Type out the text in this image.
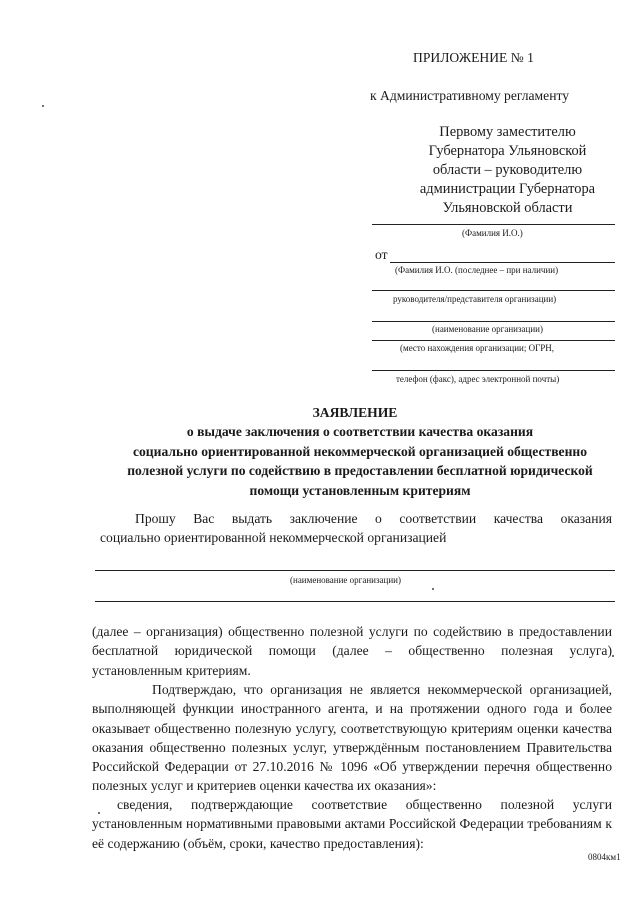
ПРИЛОЖЕНИЕ № 1
к Административному регламенту
Первому заместителю
Губернатора Ульяновской
области – руководителю
администрации Губернатора
Ульяновской области
(Фамилия И.О.)
от
(Фамилия И.О. (последнее – при наличии)
руководителя/представителя организации)
(наименование организации)
(место нахождения организации; ОГРН,
телефон (факс), адрес электронной почты)
ЗАЯВЛЕНИЕ
о выдаче заключения о соответствии качества оказания
социально ориентированной некоммерческой организацией общественно
полезной услуги по содействию в предоставлении бесплатной юридической
помощи установленным критериям
Прошу Вас выдать заключение о соответствии качества оказания
социально ориентированной некоммерческой организацией
(наименование организации)
(далее – организация) общественно полезной услуги по содействию в предоставлении бесплатной юридической помощи (далее – общественно полезная услуга) установленным критериям.
Подтверждаю, что организация не является некоммерческой организацией, выполняющей функции иностранного агента, и на протяжении одного года и более оказывает общественно полезную услугу, соответствующую критериям оценки качества оказания общественно полезных услуг, утверждённым постановлением Правительства Российской Федерации от 27.10.2016 № 1096 «Об утверждении перечня общественно полезных услуг и критериев оценки качества их оказания»:
сведения, подтверждающие соответствие общественно полезной услуги установленным нормативными правовыми актами Российской Федерации требованиям к её содержанию (объём, сроки, качество предоставления):
0804км1
